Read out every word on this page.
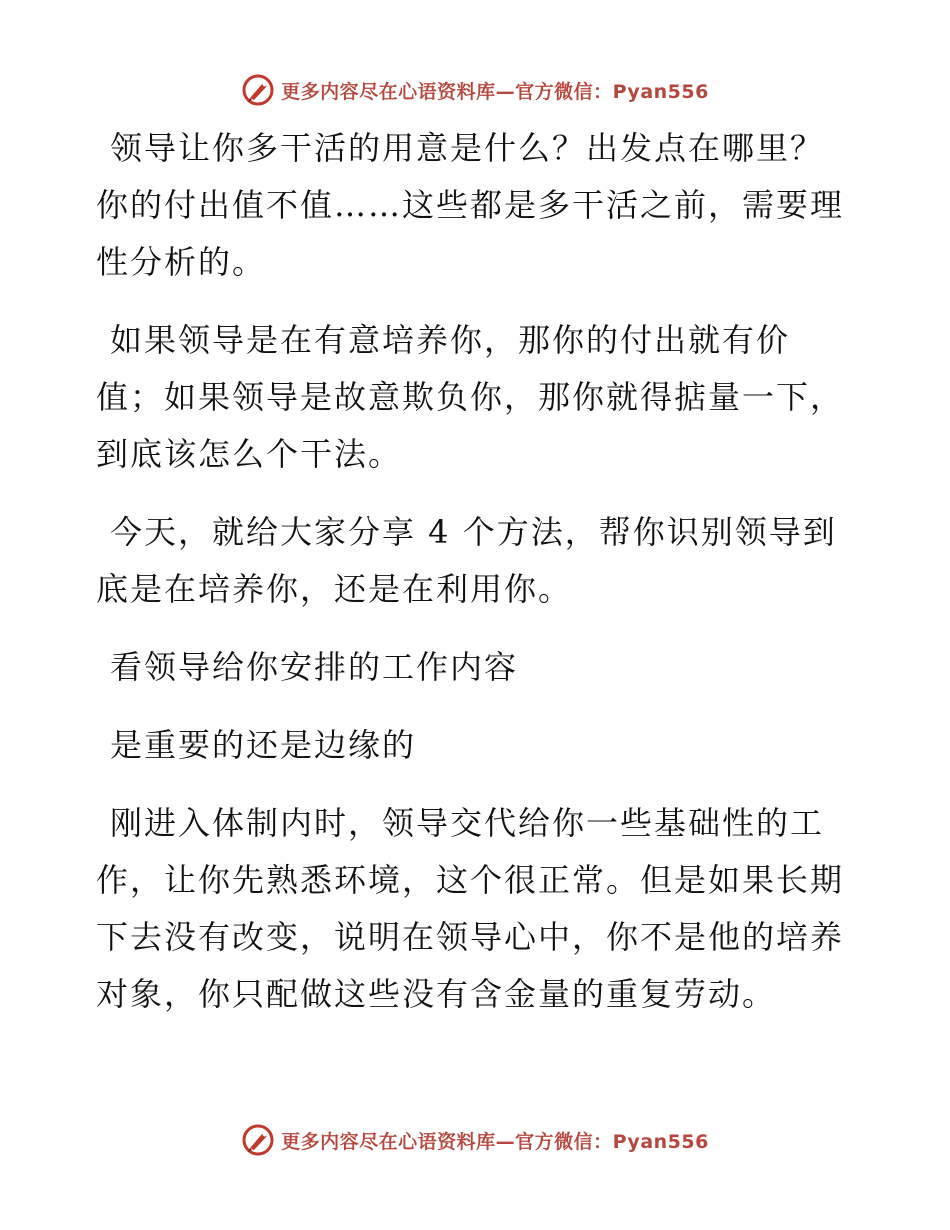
更多内容尽在心语资料库—官方微信：Pyan556

领导让你多干活的用意是什么？出发点在哪里？你的付出值不值……这些都是多干活之前，需要理性分析的。

如果领导是在有意培养你，那你的付出就有价值；如果领导是故意欺负你，那你就得掂量一下，到底该怎么个干法。

今天，就给大家分享 4 个方法，帮你识别领导到底是在培养你，还是在利用你。

看领导给你安排的工作内容

是重要的还是边缘的

刚进入体制内时，领导交代给你一些基础性的工作，让你先熟悉环境，这个很正常。但是如果长期下去没有改变，说明在领导心中，你不是他的培养对象，你只配做这些没有含金量的重复劳动。

更多内容尽在心语资料库—官方微信：Pyan556
